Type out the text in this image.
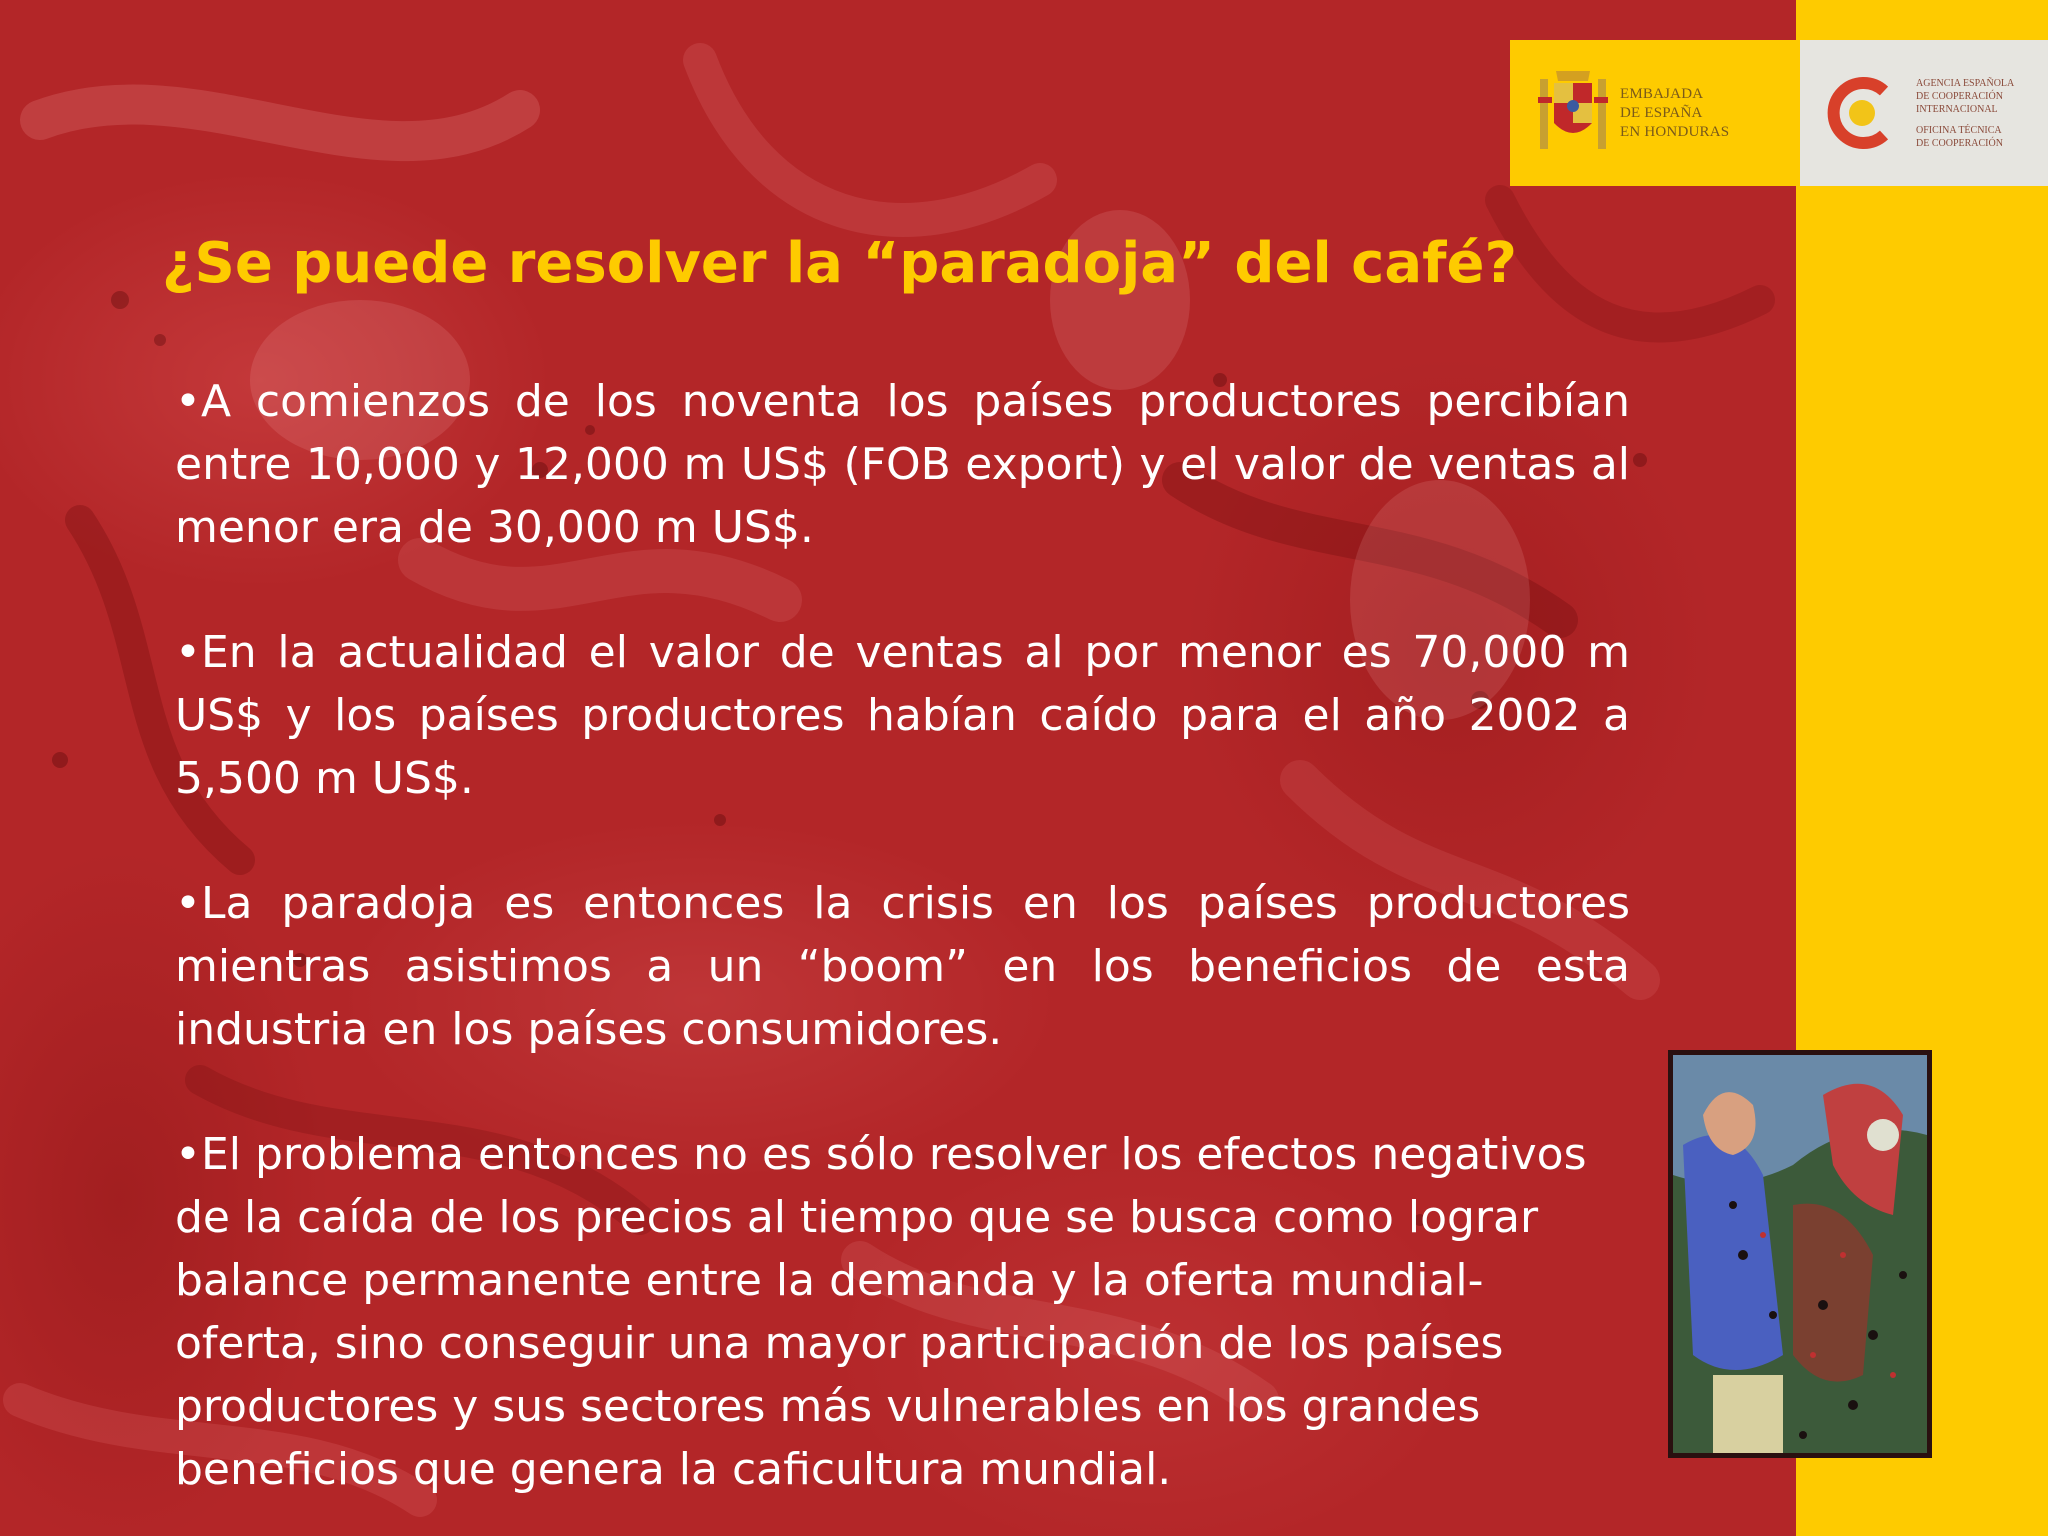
EMBAJADA
DE ESPAÑA
EN HONDURAS
AGENCIA ESPAÑOLA
DE COOPERACIÓN
INTERNACIONAL
OFICINA TÉCNICA
DE COOPERACIÓN
¿Se puede resolver la “paradoja” del café?

•A comienzos de los noventa los países productores percibían entre 10,000 y 12,000 m US$ (FOB export) y el valor de ventas al menor era de 30,000 m US$.

•En la actualidad el valor de ventas al por menor es 70,000 m US$ y los países productores habían caído para el año 2002 a 5,500 m US$.

•La paradoja es entonces la crisis en los países productores mientras asistimos a un “boom” en los beneficios de esta industria en los países consumidores.

•El problema entonces no es sólo resolver los efectos negativos de la caída de los precios al tiempo que se busca como lograr balance permanente entre la demanda y la oferta mundial-oferta, sino conseguir una mayor participación de los países productores y sus sectores más vulnerables en los grandes beneficios que genera la caficultura mundial.
